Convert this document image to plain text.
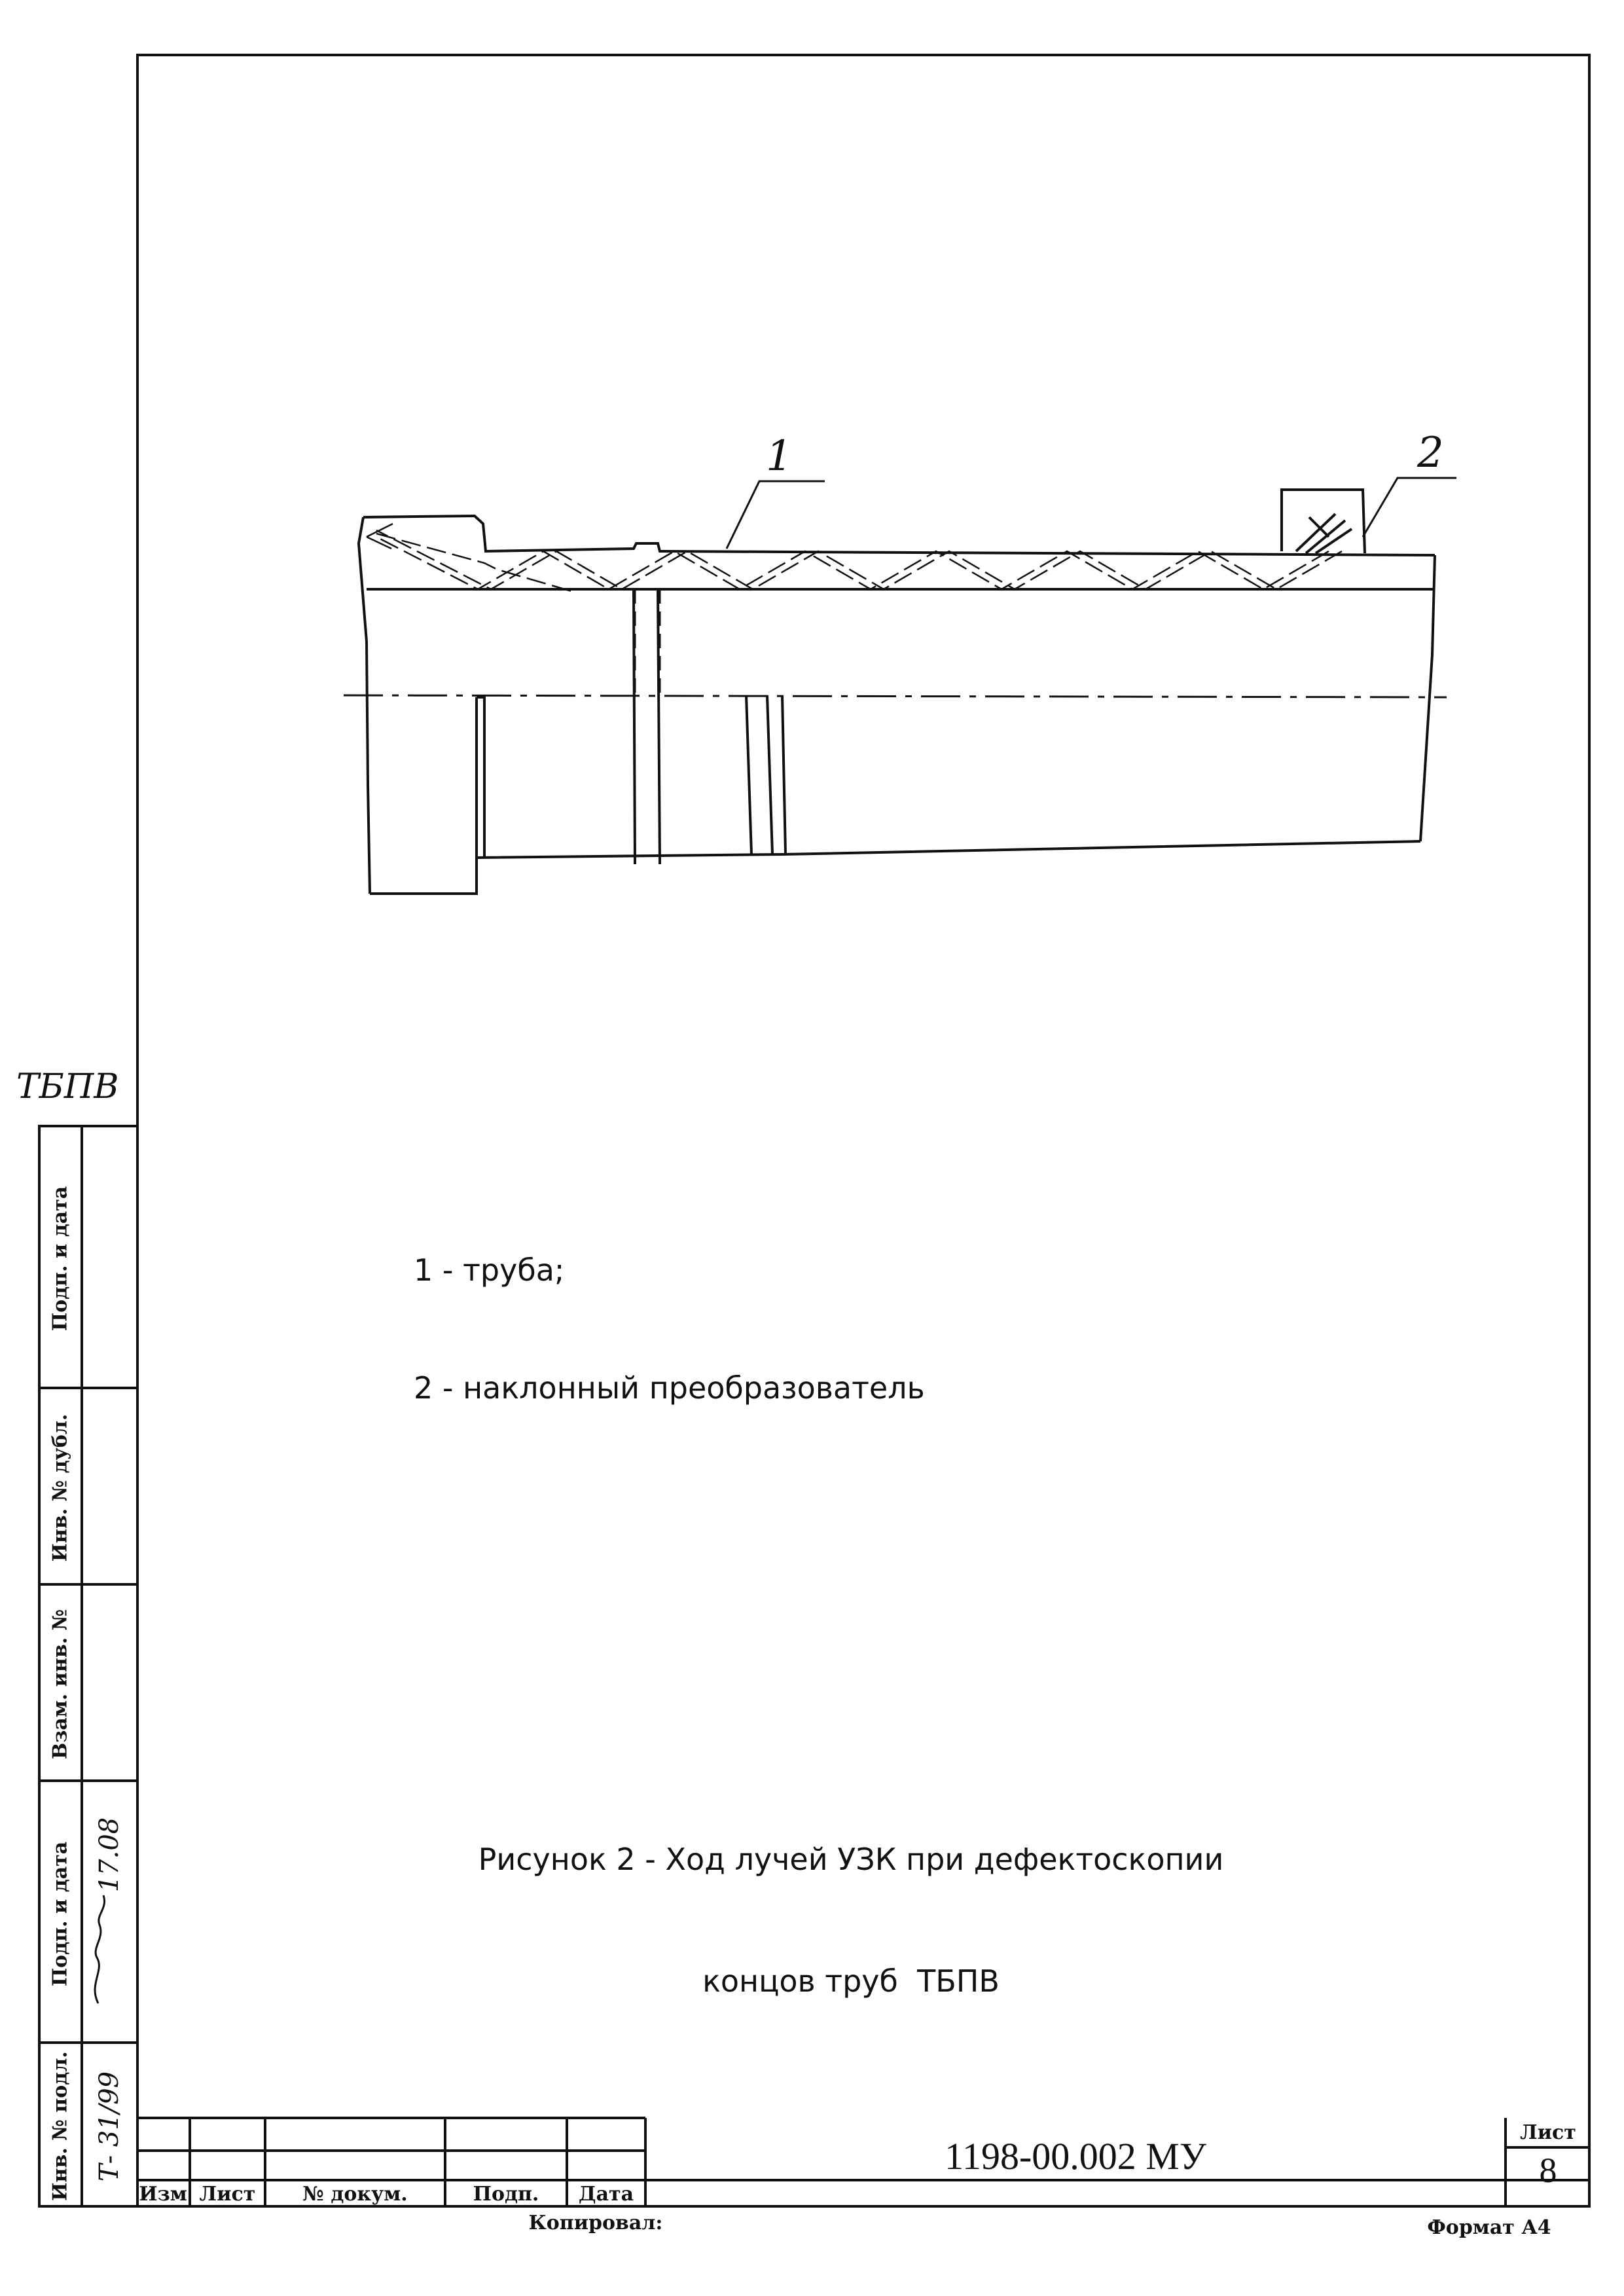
1	2

1 - труба;

2 - наклонный преобразователь

Рисунок 2 - Ход лучей УЗК при дефектоскопии

концов труб  ТБПВ

ТБПВ
Инв. № подл.
Подп. и дата
Взам. инв. №
Инв. № дубл.
Подп. и дата
Т- 31/99
17.08
Изм Лист	№ докум.	Подп.	Дата
1198-00.002 МУ
Лист
8
Копировал:	Формат А4
